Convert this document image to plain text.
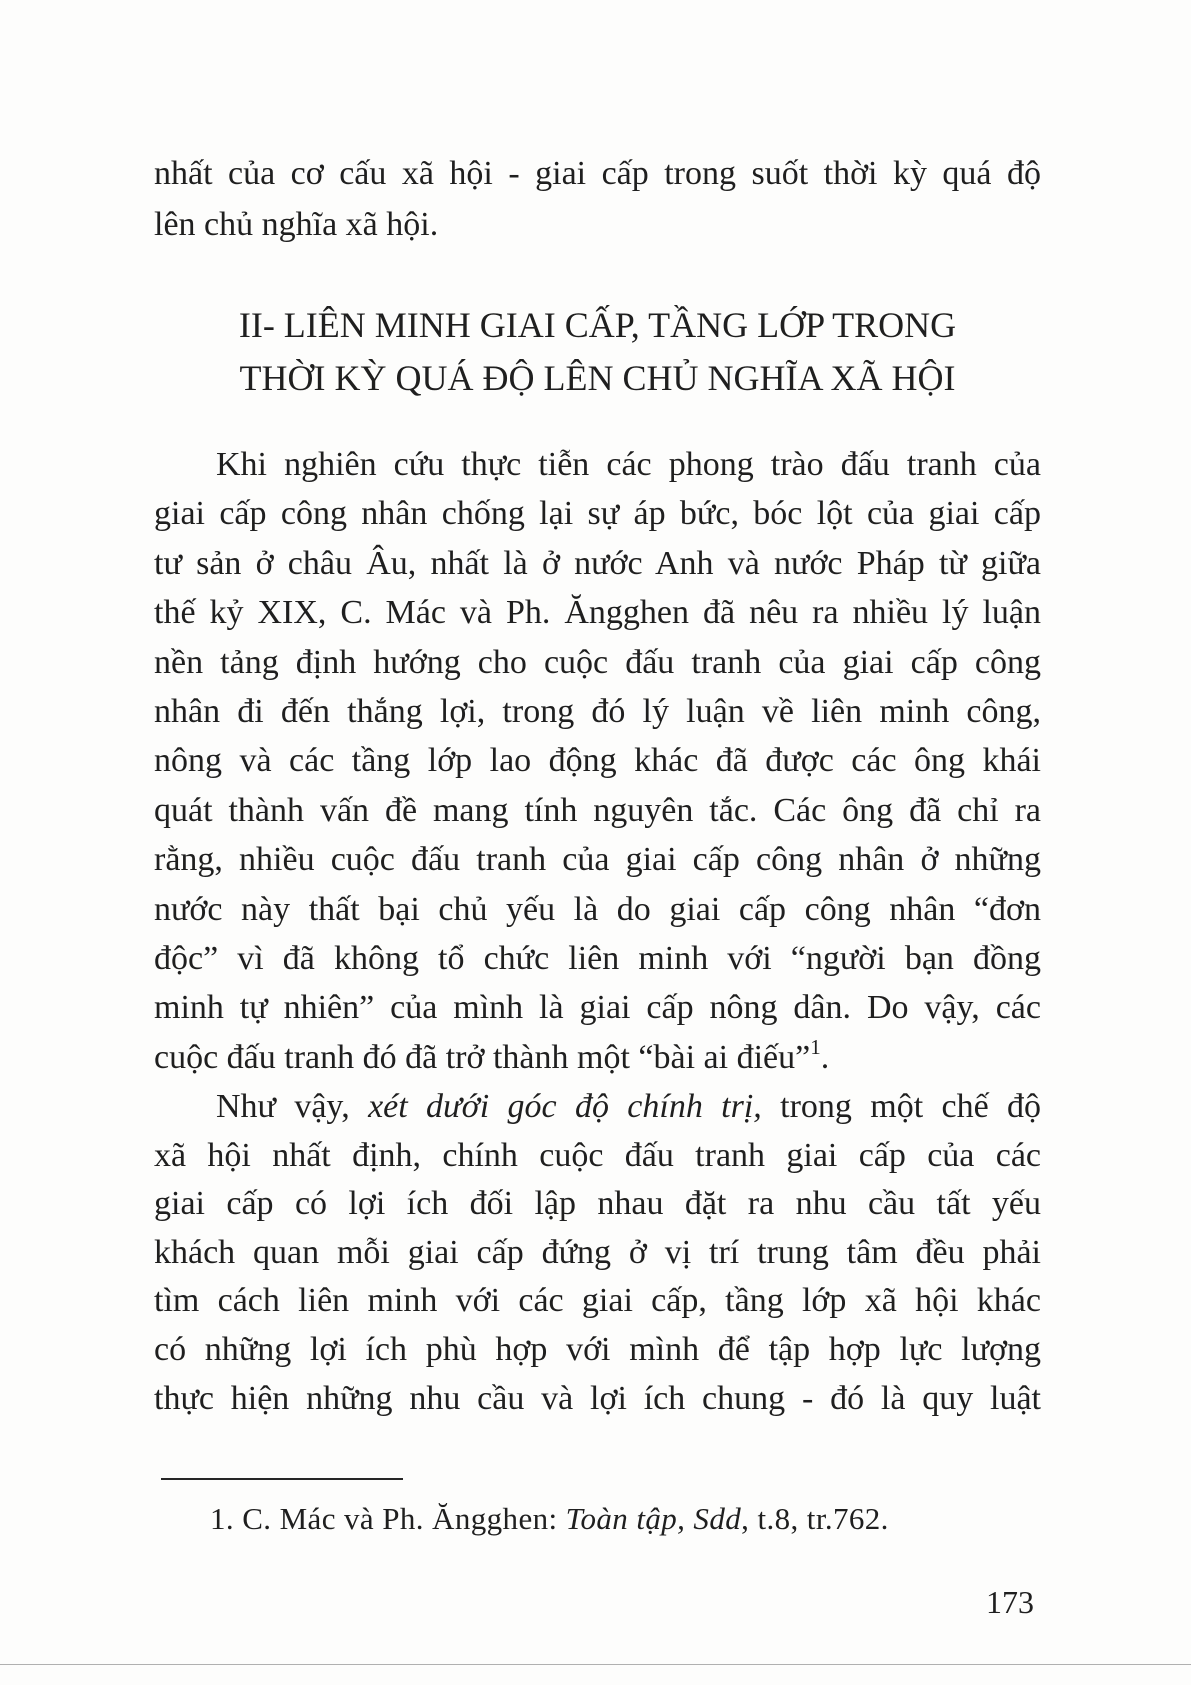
nhất của cơ cấu xã hội - giai cấp trong suốt thời kỳ quá độ
lên chủ nghĩa xã hội.
II- LIÊN MINH GIAI CẤP, TẦNG LỚP TRONG
THỜI KỲ QUÁ ĐỘ LÊN CHỦ NGHĨA XÃ HỘI
Khi nghiên cứu thực tiễn các phong trào đấu tranh của
giai cấp công nhân chống lại sự áp bức, bóc lột của giai cấp
tư sản ở châu Âu, nhất là ở nước Anh và nước Pháp từ giữa
thế kỷ XIX, C. Mác và Ph. Ăngghen đã nêu ra nhiều lý luận
nền tảng định hướng cho cuộc đấu tranh của giai cấp công
nhân đi đến thắng lợi, trong đó lý luận về liên minh công,
nông và các tầng lớp lao động khác đã được các ông khái
quát thành vấn đề mang tính nguyên tắc. Các ông đã chỉ ra
rằng, nhiều cuộc đấu tranh của giai cấp công nhân ở những
nước này thất bại chủ yếu là do giai cấp công nhân “đơn
độc” vì đã không tổ chức liên minh với “người bạn đồng
minh tự nhiên” của mình là giai cấp nông dân. Do vậy, các
cuộc đấu tranh đó đã trở thành một “bài ai điếu”$^1$.
Như vậy, xét dưới góc độ chính trị, trong một chế độ
xã hội nhất định, chính cuộc đấu tranh giai cấp của các
giai cấp có lợi ích đối lập nhau đặt ra nhu cầu tất yếu
khách quan mỗi giai cấp đứng ở vị trí trung tâm đều phải
tìm cách liên minh với các giai cấp, tầng lớp xã hội khác
có những lợi ích phù hợp với mình để tập hợp lực lượng
thực hiện những nhu cầu và lợi ích chung - đó là quy luật
1. C. Mác và Ph. Ăngghen: Toàn tập, Sdd, t.8, tr.762.
173
